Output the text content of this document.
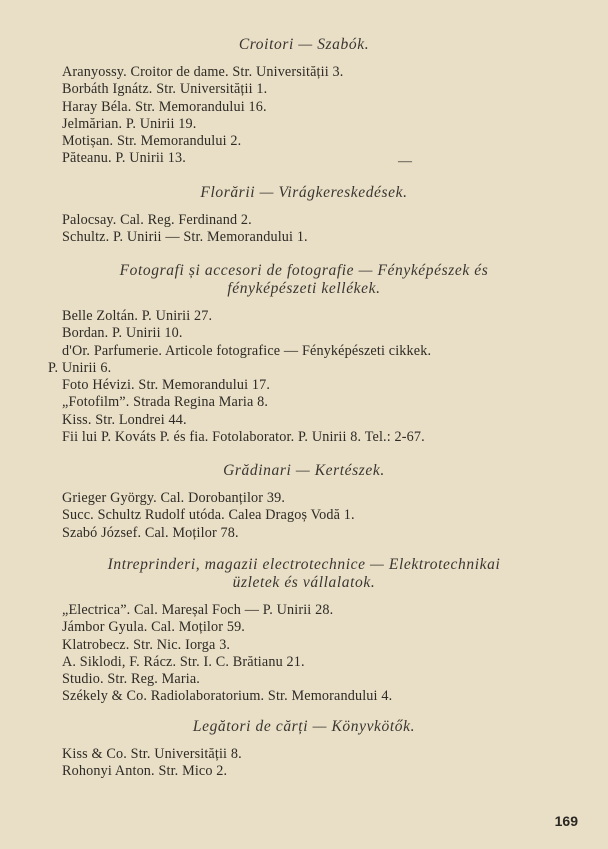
Croitori — Szabók.
Aranyossy. Croitor de dame. Str. Universității 3.
Borbáth Ignátz. Str. Universității 1.
Haray Béla. Str. Memorandului 16.
Jelmărian. P. Unirii 19.
Motișan. Str. Memorandului 2.
Păteanu. P. Unirii 13.	—
Florării — Virágkereskedések.
Palocsay. Cal. Reg. Ferdinand 2.
Schultz. P. Unirii — Str. Memorandului 1.
Fotografi și accesori de fotografie — Fényképészek és
fényképészeti kellékek.
Belle Zoltán. P. Unirii 27.
Bordan. P. Unirii 10.
d'Or. Parfumerie. Articole fotografice — Fényképészeti cikkek.
P. Unirii 6.
Foto Hévizi. Str. Memorandului 17.
„Fotofilm”. Strada Regina Maria 8.
Kiss. Str. Londrei 44.
Fii lui P. Kováts P. és fia. Fotolaborator. P. Unirii 8. Tel.: 2-67.
Grădinari — Kertészek.
Grieger György. Cal. Dorobanților 39.
Succ. Schultz Rudolf utóda. Calea Dragoș Vodă 1.
Szabó József. Cal. Moților 78.
Intreprinderi, magazii electrotechnice — Elektrotechnikai
üzletek és vállalatok.
„Electrica”. Cal. Mareșal Foch — P. Unirii 28.
Jámbor Gyula. Cal. Moților 59.
Klatrobecz. Str. Nic. Iorga 3.
A. Siklodi, F. Rácz. Str. I. C. Brătianu 21.
Studio. Str. Reg. Maria.
Székely & Co. Radiolaboratorium. Str. Memorandului 4.
Legători de cărți — Könyvkötők.
Kiss & Co. Str. Universității 8.
Rohonyi Anton. Str. Mico 2.
169
